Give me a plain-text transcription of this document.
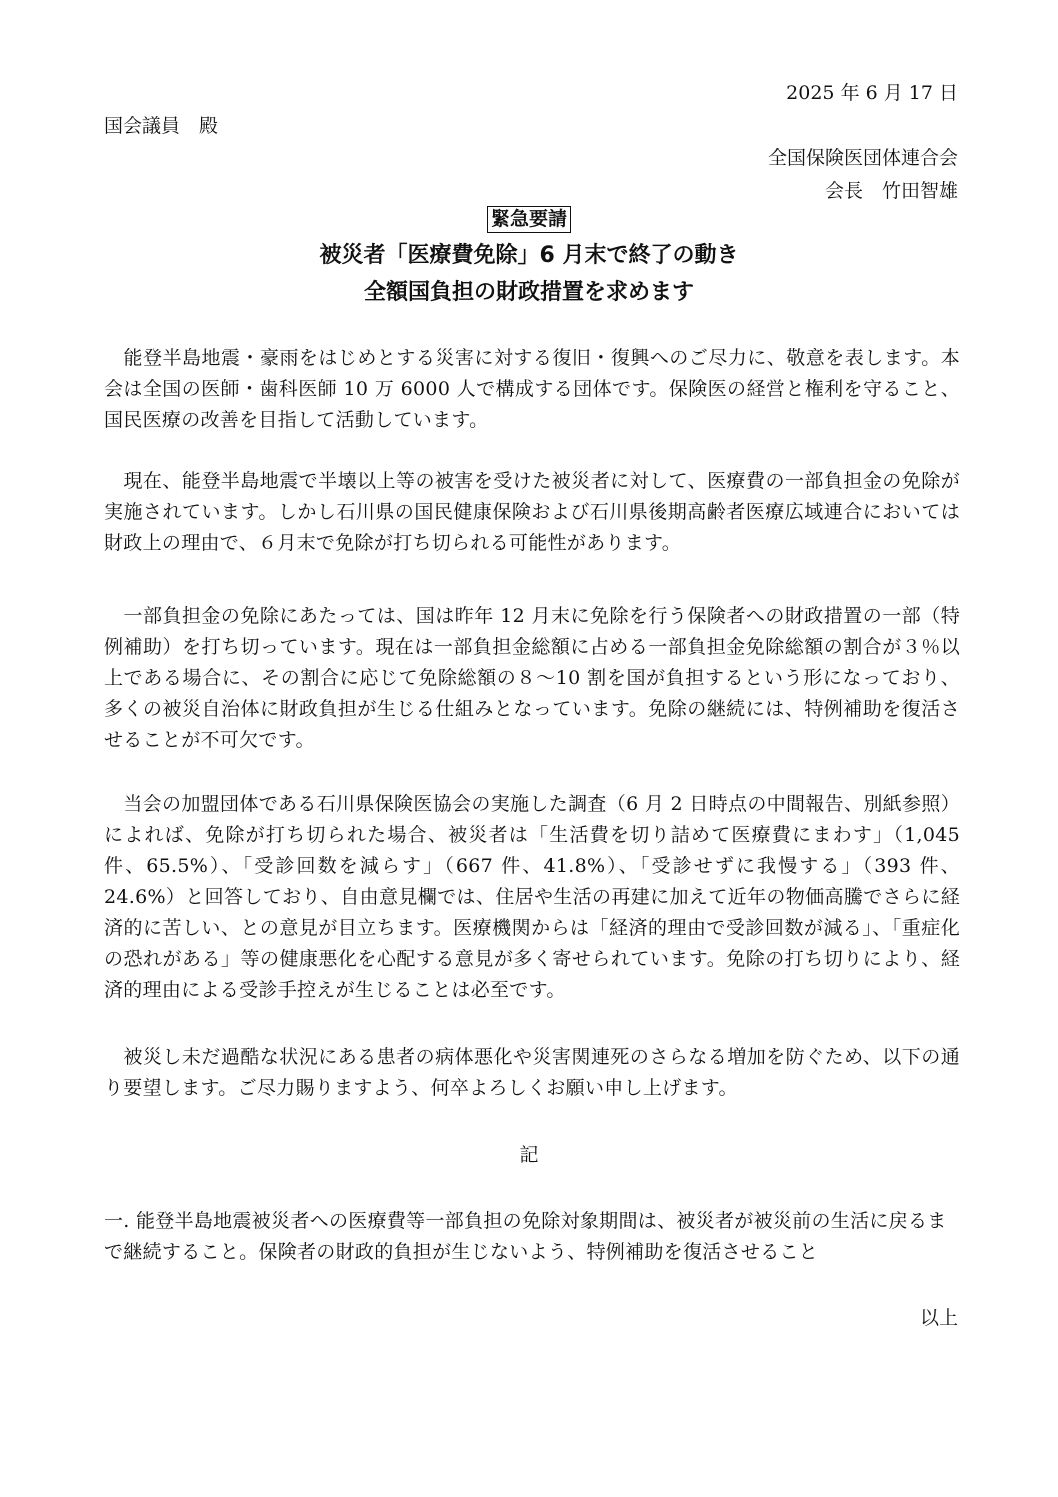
2025 年 6 月 17 日
国会議員　殿
全国保険医団体連合会
会長　竹田智雄
緊急要請
被災者「医療費免除」6 月末で終了の動き
全額国負担の財政措置を求めます

　能登半島地震・豪雨をはじめとする災害に対する復旧・復興へのご尽力に、敬意を表します。本会は全国の医師・歯科医師 10 万 6000 人で構成する団体です。保険医の経営と権利を守ること、国民医療の改善を目指して活動しています。

　現在、能登半島地震で半壊以上等の被害を受けた被災者に対して、医療費の一部負担金の免除が実施されています。しかし石川県の国民健康保険および石川県後期高齢者医療広域連合においては財政上の理由で、６月末で免除が打ち切られる可能性があります。

　一部負担金の免除にあたっては、国は昨年 12 月末に免除を行う保険者への財政措置の一部（特例補助）を打ち切っています。現在は一部負担金総額に占める一部負担金免除総額の割合が３％以上である場合に、その割合に応じて免除総額の８～10 割を国が負担するという形になっており、多くの被災自治体に財政負担が生じる仕組みとなっています。免除の継続には、特例補助を復活させることが不可欠です。

　当会の加盟団体である石川県保険医協会の実施した調査（6 月 2 日時点の中間報告、別紙参照）によれば、免除が打ち切られた場合、被災者は「生活費を切り詰めて医療費にまわす」（1,045 件、65.5%）、「受診回数を減らす」（667 件、41.8%）、「受診せずに我慢する」（393 件、24.6%）と回答しており、自由意見欄では、住居や生活の再建に加えて近年の物価高騰でさらに経済的に苦しい、との意見が目立ちます。医療機関からは「経済的理由で受診回数が減る」、「重症化の恐れがある」等の健康悪化を心配する意見が多く寄せられています。免除の打ち切りにより、経済的理由による受診手控えが生じることは必至です。

　被災し未だ過酷な状況にある患者の病体悪化や災害関連死のさらなる増加を防ぐため、以下の通り要望します。ご尽力賜りますよう、何卒よろしくお願い申し上げます。

記
一. 能登半島地震被災者への医療費等一部負担の免除対象期間は、被災者が被災前の生活に戻るまで継続すること。保険者の財政的負担が生じないよう、特例補助を復活させること
以上
